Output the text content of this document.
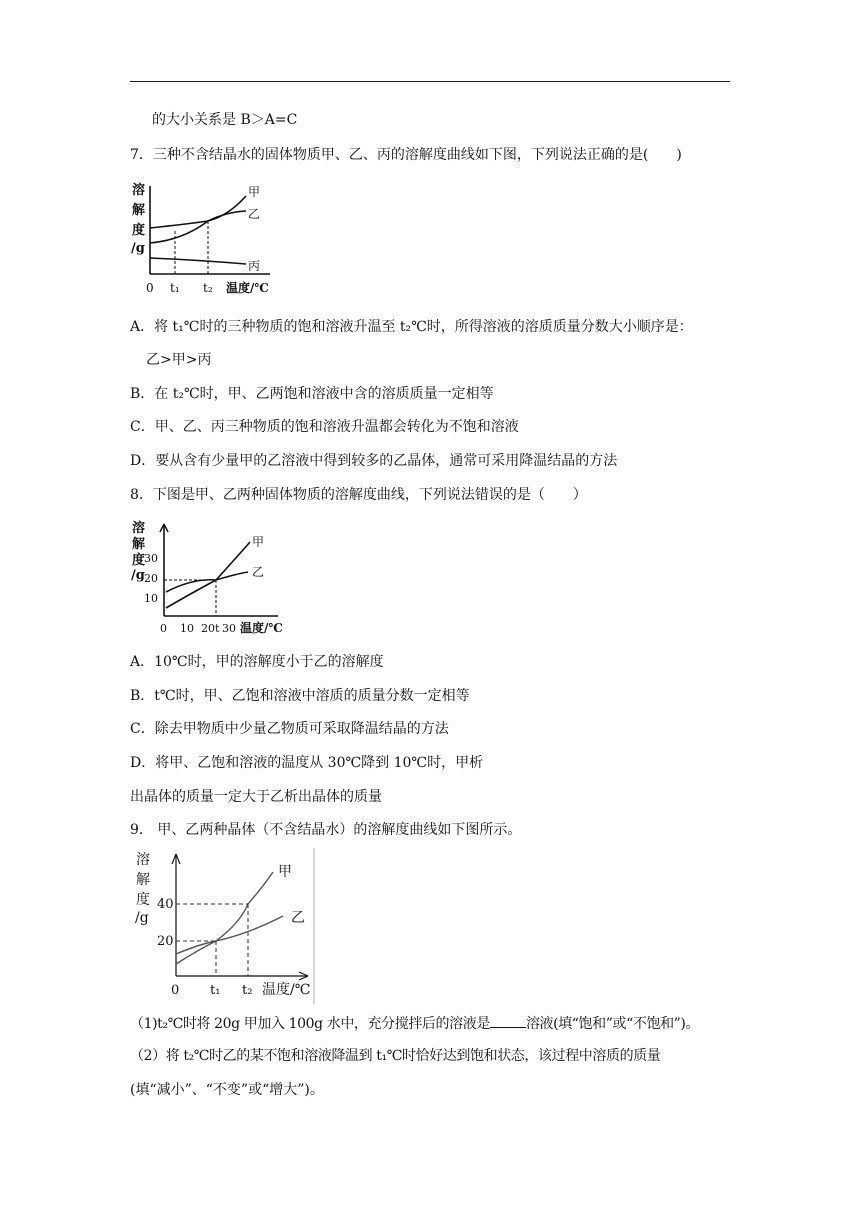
的大小关系是 B＞A=C
7．三种不含结晶水的固体物质甲、乙、丙的溶解度曲线如下图，下列说法正确的是(　　)
溶
解
度
/g
甲
乙
丙
0 t₁ t₂ 温度/℃
A．将 t₁℃时的三种物质的饱和溶液升温至 t₂℃时，所得溶液的溶质质量分数大小顺序是：
乙>甲>丙
B．在 t₂℃时，甲、乙两饱和溶液中含的溶质质量一定相等
C．甲、乙、丙三种物质的饱和溶液升温都会转化为不饱和溶液
D．要从含有少量甲的乙溶液中得到较多的乙晶体，通常可采用降温结晶的方法
8．下图是甲、乙两种固体物质的溶解度曲线，下列说法错误的是（　　）
溶
解
度
/g
30
20
10
0 10 20 t 30 温度/℃
甲
乙
A．10℃时，甲的溶解度小于乙的溶解度
B．t℃时，甲、乙饱和溶液中溶质的质量分数一定相等
C．除去甲物质中少量乙物质可采取降温结晶的方法
D．将甲、乙饱和溶液的温度从 30℃降到 10℃时，甲析
出晶体的质量一定大于乙析出晶体的质量
9． 甲、乙两种晶体（不含结晶水）的溶解度曲线如下图所示。
溶
解
度
/g
40
20
0 t₁ t₂ 温度/℃
甲
乙
（1)t₂℃时将 20g 甲加入 100g 水中，充分搅拌后的溶液是	溶液(填“饱和”或“不饱和”)。
（2）将 t₂℃时乙的某不饱和溶液降温到 t₁℃时恰好达到饱和状态，该过程中溶质的质量
(填“减小”、“不变”或“增大”)。
